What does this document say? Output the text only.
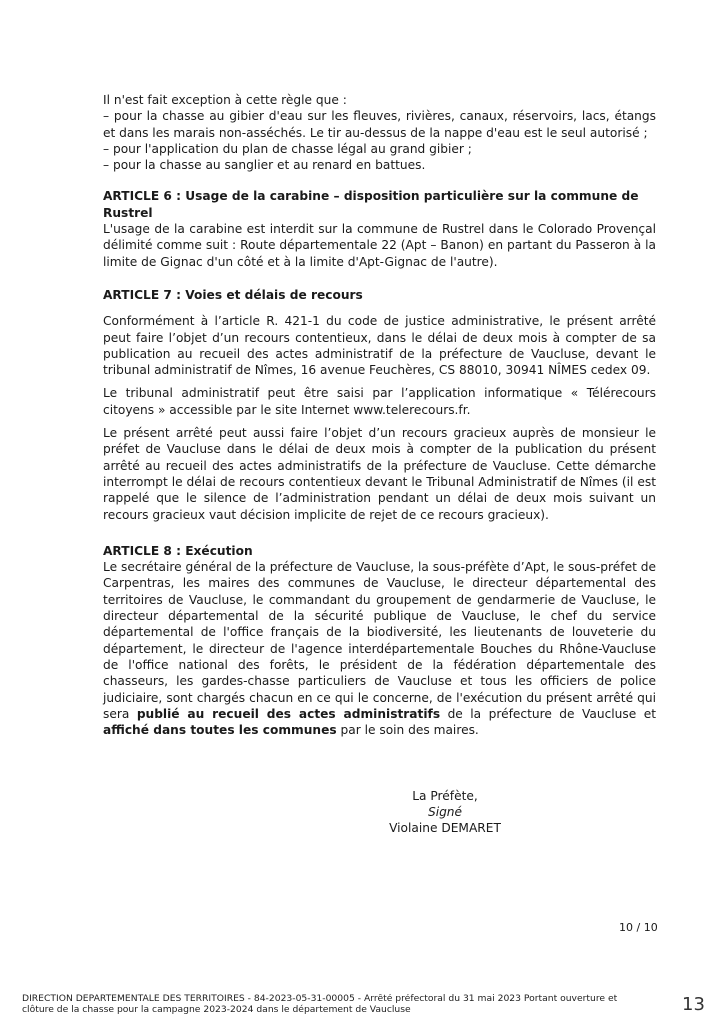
Il n'est fait exception à cette règle que :

– pour la chasse au gibier d'eau sur les fleuves, rivières, canaux, réservoirs, lacs, étangs et dans les marais non-asséchés. Le tir au-dessus de la nappe d'eau est le seul autorisé ;

– pour l'application du plan de chasse légal au grand gibier ;

– pour la chasse au sanglier et au renard en battues.

ARTICLE 6 : Usage de la carabine – disposition particulière sur la commune de Rustrel

L'usage de la carabine est interdit sur la commune de Rustrel dans le Colorado Provençal délimité comme suit : Route départementale 22 (Apt – Banon) en partant du Passeron à la limite de Gignac d'un côté et à la limite d'Apt-Gignac de l'autre).

ARTICLE 7 : Voies et délais de recours

Conformément à l’article R. 421-1 du code de justice administrative, le présent arrêté peut faire l’objet d’un recours contentieux, dans le délai de deux mois à compter de sa publication au recueil des actes administratif de la préfecture de Vaucluse, devant le tribunal administratif de Nîmes, 16 avenue Feuchères, CS 88010, 30941 NÎMES cedex 09.

Le tribunal administratif peut être saisi par l’application informatique « Télérecours citoyens » accessible par le site Internet www.telerecours.fr.

Le présent arrêté peut aussi faire l’objet d’un recours gracieux auprès de monsieur le préfet de Vaucluse dans le délai de deux mois à compter de la publication du présent arrêté au recueil des actes administratifs de la préfecture de Vaucluse. Cette démarche interrompt le délai de recours contentieux devant le Tribunal Administratif de Nîmes (il est rappelé que le silence de l’administration pendant un délai de deux mois suivant un recours gracieux vaut décision implicite de rejet de ce recours gracieux).

ARTICLE 8 : Exécution

Le secrétaire général de la préfecture de Vaucluse, la sous-préfète d’Apt, le sous-préfet de Carpentras, les maires des communes de Vaucluse, le directeur départemental des territoires de Vaucluse, le commandant du groupement de gendarmerie de Vaucluse, le directeur départemental de la sécurité publique de Vaucluse, le chef du service départemental de l'office français de la biodiversité, les lieutenants de louveterie du département, le directeur de l'agence interdépartementale Bouches du Rhône-Vaucluse de l'office national des forêts, le président de la fédération départementale des chasseurs, les gardes-chasse particuliers de Vaucluse et tous les officiers de police judiciaire, sont chargés chacun en ce qui le concerne, de l'exécution du présent arrêté qui sera publié au recueil des actes administratifs de la préfecture de Vaucluse et affiché dans toutes les communes par le soin des maires.

La Préfète,

Signé

Violaine DEMARET

10 / 10
DIRECTION DEPARTEMENTALE DES TERRITOIRES - 84-2023-05-31-00005 - Arrêté préfectoral du 31 mai 2023 Portant ouverture et clôture de la chasse pour la campagne 2023-2024 dans le département de Vaucluse	13
